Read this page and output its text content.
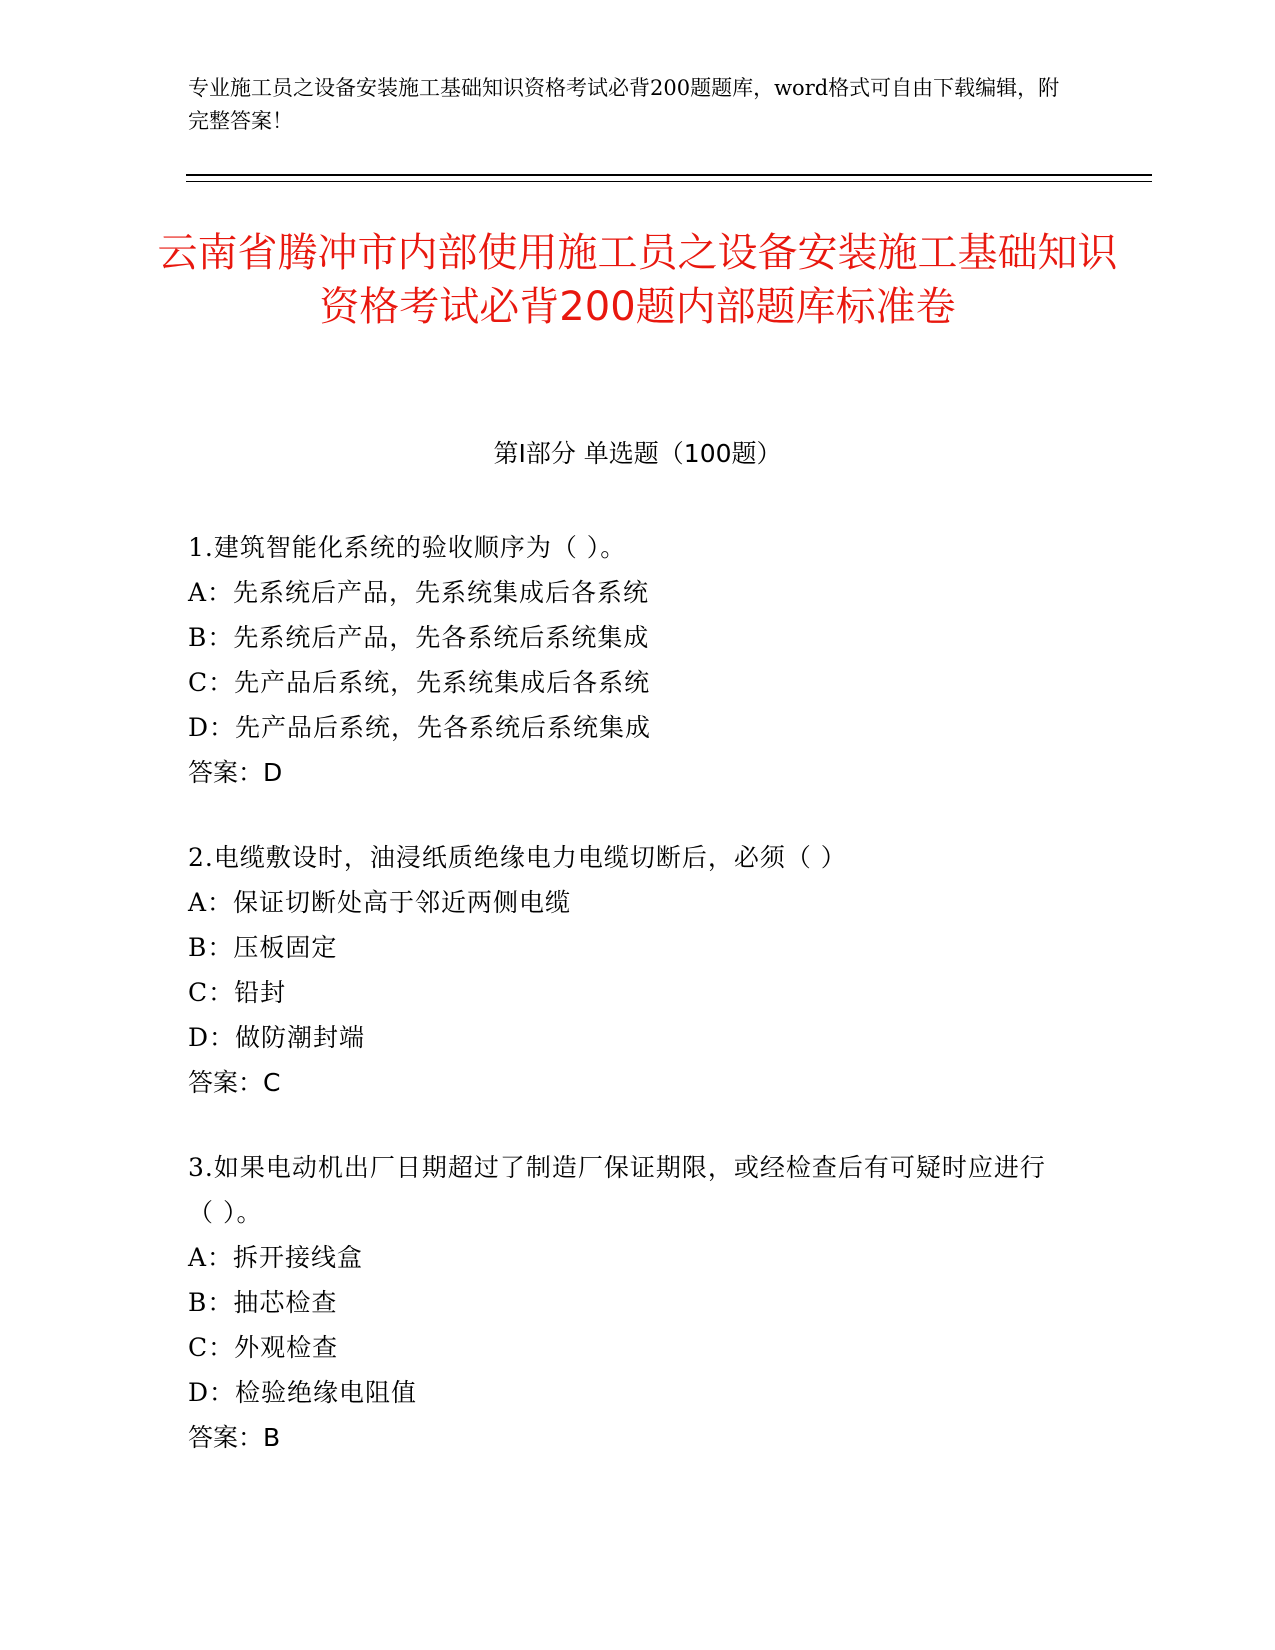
专业施工员之设备安装施工基础知识资格考试必背200题题库，word格式可自由下载编辑，附完整答案！
云南省腾冲市内部使用施工员之设备安装施工基础知识资格考试必背200题内部题库标准卷
第I部分 单选题（100题）
1.建筑智能化系统的验收顺序为（ ）。
A：先系统后产品，先系统集成后各系统
B：先系统后产品，先各系统后系统集成
C：先产品后系统，先系统集成后各系统
D：先产品后系统，先各系统后系统集成
答案：D
2.电缆敷设时，油浸纸质绝缘电力电缆切断后，必须（ ）
A：保证切断处高于邻近两侧电缆
B：压板固定
C：铅封
D：做防潮封端
答案：C
3.如果电动机出厂日期超过了制造厂保证期限，或经检查后有可疑时应进行（ ）。
A：拆开接线盒
B：抽芯检查
C：外观检查
D：检验绝缘电阻值
答案：B
